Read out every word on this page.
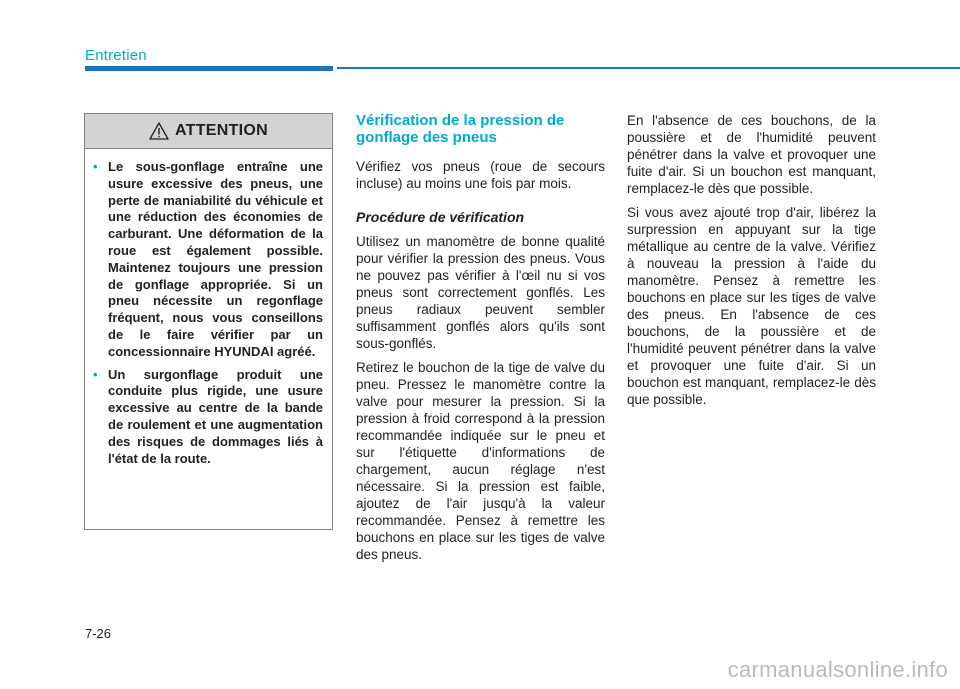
Entretien
ATTENTION
• Le sous-gonflage entraîne une usure excessive des pneus, une perte de maniabilité du véhicule et une réduction des économies de carburant. Une déformation de la roue est également possible. Maintenez toujours une pression de gonflage appropriée. Si un pneu nécessite un regonflage fréquent, nous vous conseillons de le faire vérifier par un concessionnaire HYUNDAI agréé.
• Un surgonflage produit une conduite plus rigide, une usure excessive au centre de la bande de roulement et une augmentation des risques de dommages liés à l'état de la route.
Vérification de la pression de gonflage des pneus

Vérifiez vos pneus (roue de secours incluse) au moins une fois par mois.

Procédure de vérification

Utilisez un manomètre de bonne qualité pour vérifier la pression des pneus. Vous ne pouvez pas vérifier à l'œil nu si vos pneus sont correctement gonflés. Les pneus radiaux peuvent sembler suffisamment gonflés alors qu'ils sont sous-gonflés.

Retirez le bouchon de la tige de valve du pneu. Pressez le manomètre contre la valve pour mesurer la pression. Si la pression à froid correspond à la pression recommandée indiquée sur le pneu et sur l'étiquette d'informations de chargement, aucun réglage n'est nécessaire. Si la pression est faible, ajoutez de l'air jusqu'à la valeur recommandée. Pensez à remettre les bouchons en place sur les tiges de valve des pneus.

En l'absence de ces bouchons, de la poussière et de l'humidité peuvent pénétrer dans la valve et provoquer une fuite d'air. Si un bouchon est manquant, remplacez-le dès que possible.

Si vous avez ajouté trop d'air, libérez la surpression en appuyant sur la tige métallique au centre de la valve. Vérifiez à nouveau la pression à l'aide du manomètre. Pensez à remettre les bouchons en place sur les tiges de valve des pneus. En l'absence de ces bouchons, de la poussière et de l'humidité peuvent pénétrer dans la valve et provoquer une fuite d'air. Si un bouchon est manquant, remplacez-le dès que possible.

7-26
carmanualsonline.info
